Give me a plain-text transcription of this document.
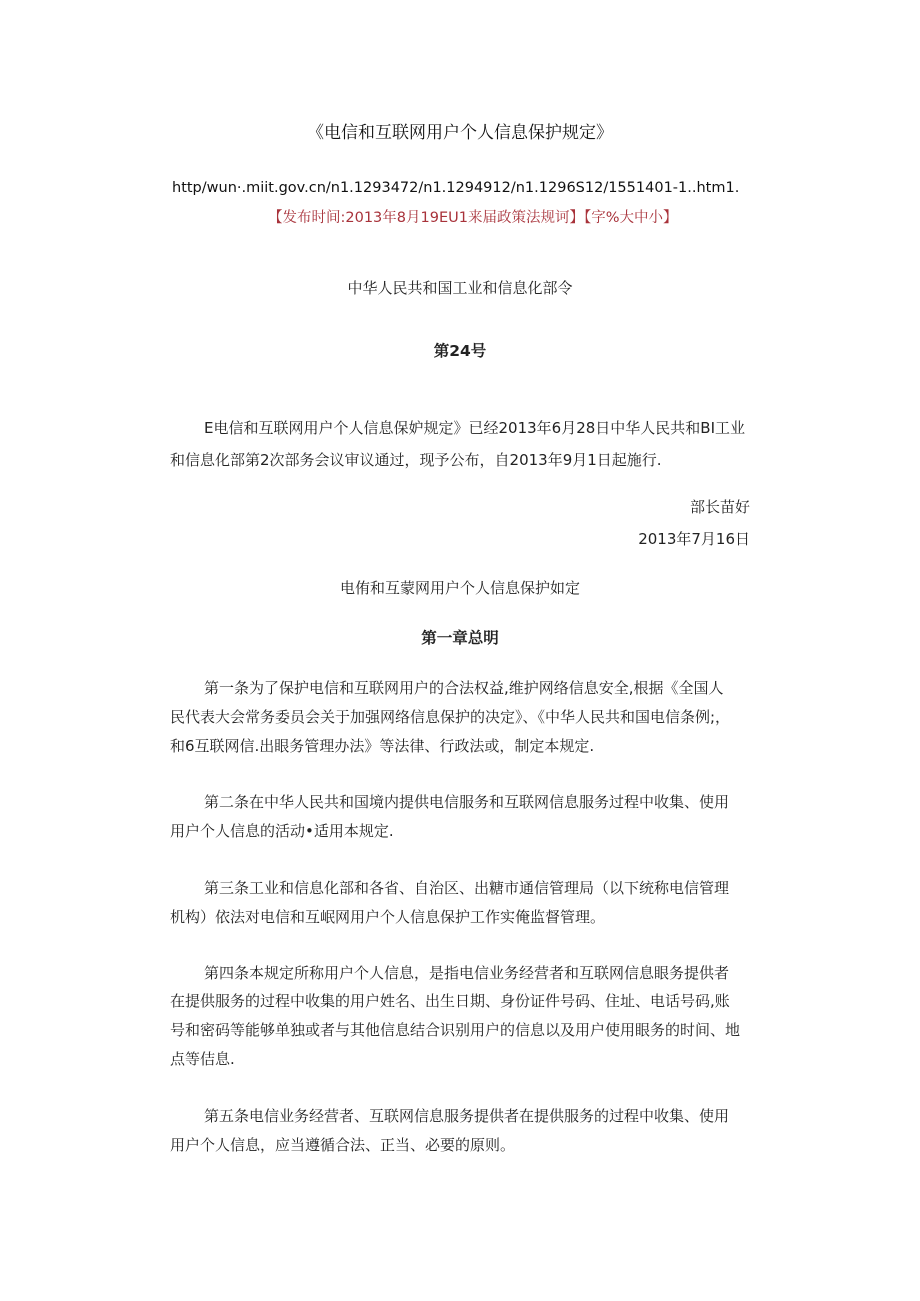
《电信和互联网用户个人信息保护规定》
http/wun·.miit.gov.cn/n1.1293472/n1.1294912/n1.1296S12/1551401-1..htm1.
【发布时间:2013年8月19EU1来届政策法规诃】【字%大中小】
中华人民共和国工业和信息化部令
第24号
E电信和互联网用户个人信息保妒规定》已经2013年6月28日中华人民共和BI工业
和信息化部第2次部务会议审议通过，现予公布，自2013年9月1日起施行.
部长苗好
2013年7月16日
电侑和互蒙网用户个人信息保护如定
第一章总明
第一条为了保护电信和互联网用户的合法权益,维护网络信息安全,根据《全国人
民代表大会常务委员会关于加强网络信息保护的决定》、《中华人民共和国电信条例;，
和6互联网信.出眼务管理办法》等法律、行政法或，制定本规定.
第二条在中华人民共和国境内提供电信服务和互联网信息服务过程中收集、使用
用户个人信息的活动•适用本规定.
第三条工业和信息化部和各省、自治区、出糖市通信管理局（以下统称电信管理
机构）依法对电信和互岷网用户个人信息保护工作实俺监督管理。
第四条本规定所称用户个人信息，是指电信业务经营者和互联网信息眼务提供者
在提供服务的过程中收集的用户姓名、出生日期、身份证件号码、住址、电话号码,账
号和密码等能够单独或者与其他信息结合识别用户的信息以及用户使用眼务的时间、地
点等佶息.
第五条电信业务经营者、互联网信息服务提供者在提供服务的过程中收集、使用
用户个人信息，应当遵循合法、正当、必要的原则。
